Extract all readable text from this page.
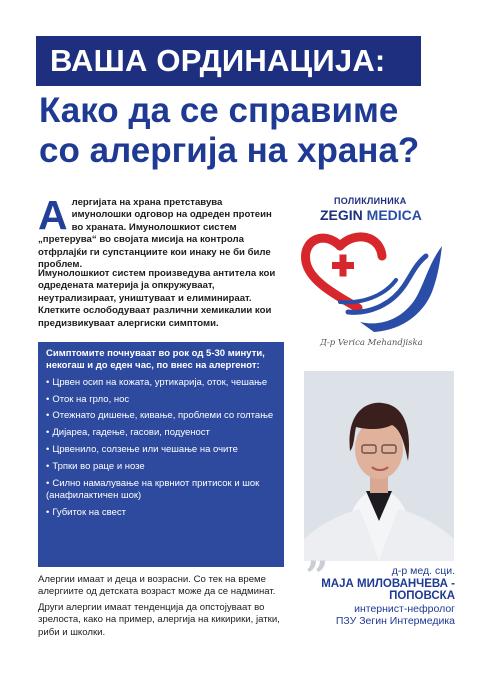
ВАША ОРДИНАЦИЈА:
Како да се справиме
со алергија на храна?
А лергијата на храна претставува имунолошки одговор на одреден протеин во храната. Имунолошкиот систем „претерува“ во својата мисија на контрола отфрлајќи ги супстанциите кои инаку не би биле проблем.
Имунолошкиот систем произведува антитела кои одредената материја ја опкружуваат, неутрализираат, уништуваат и елиминираат. Клетките ослободуваат различни хемикалии кои предизвикуваат алергиски симптоми.
Симптомите почнуваат во рок од 5-30 минути, некогаш и до еден час, по внес на алергенот:
• Црвен осип на кожата, уртикарија, оток, чешање
• Оток на грло, нос
• Отежнато дишење, кивање, проблеми со голтање
• Дијареа, гадење, гасови, подуеност
• Црвенило, солзење или чешање на очите
• Трпки во раце и нозе
• Силно намалување на крвниот притисок и шок (анафилактичен шок)
• Губиток на свест

Алергии имаат и деца и возрасни. Со тек на време алергиите од детската возраст може да се надминат.

Други алергии имаат тенденција да опстојуваат во зрелоста, како на пример, алергија на кикирики, јатки, риби и школки.

ПОЛИКЛИНИКА
ZEGIN MEDICA
Д-р Verica Mehandjiska
„	д-р мед. сци.
МАЈА МИЛОВАНЧЕВА -
ПОПОВСКА
интернист-нефролог
ПЗУ Зегин Интермедика
